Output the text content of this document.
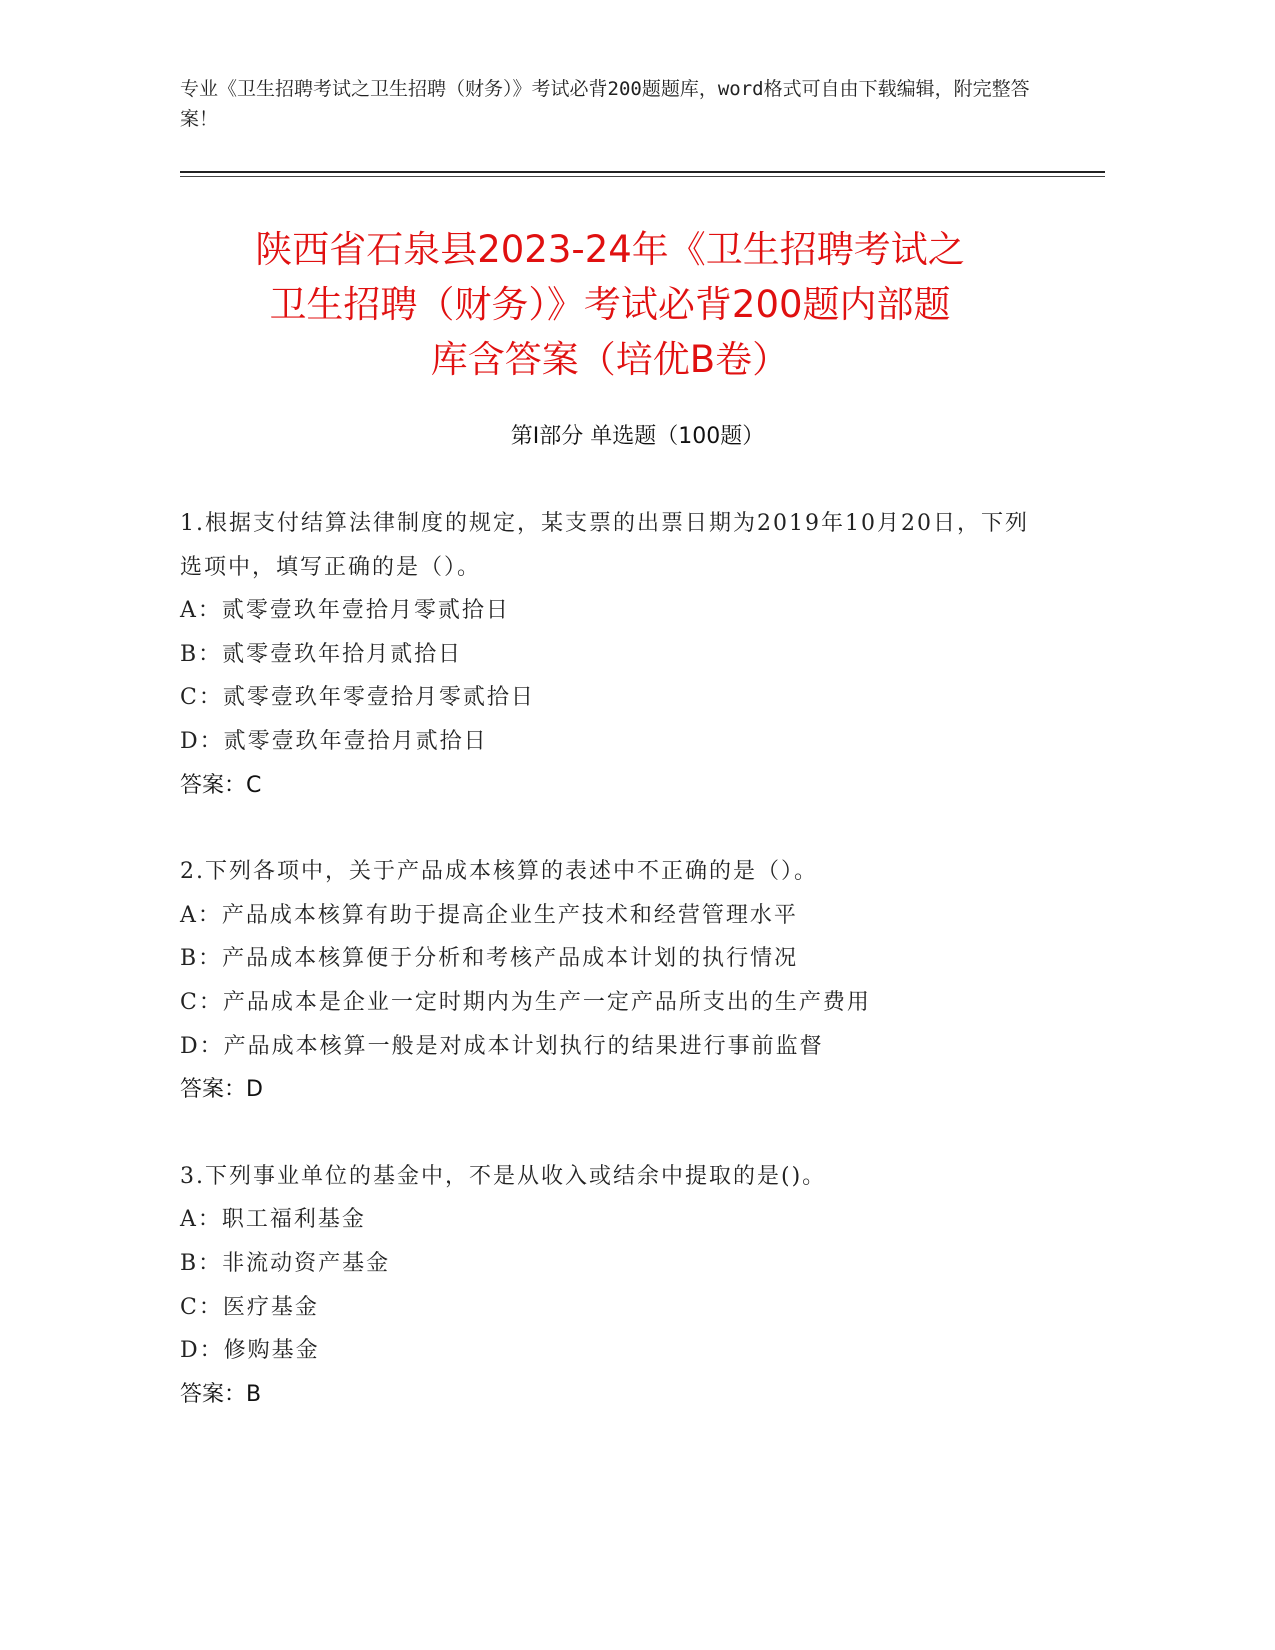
专业《卫生招聘考试之卫生招聘（财务）》考试必背200题题库，word格式可自由下载编辑，附完整答案！
陕西省石泉县2023-24年《卫生招聘考试之
卫生招聘（财务）》考试必背200题内部题
库含答案（培优B卷）
第Ⅰ部分 单选题（100题）
1.根据支付结算法律制度的规定，某支票的出票日期为2019年10月20日，下列选项中，填写正确的是（）。
A：贰零壹玖年壹拾月零贰拾日
B：贰零壹玖年拾月贰拾日
C：贰零壹玖年零壹拾月零贰拾日
D：贰零壹玖年壹拾月贰拾日
答案：C
2.下列各项中，关于产品成本核算的表述中不正确的是（）。
A：产品成本核算有助于提高企业生产技术和经营管理水平
B：产品成本核算便于分析和考核产品成本计划的执行情况
C：产品成本是企业一定时期内为生产一定产品所支出的生产费用
D：产品成本核算一般是对成本计划执行的结果进行事前监督
答案：D
3.下列事业单位的基金中，不是从收入或结余中提取的是()。
A：职工福利基金
B：非流动资产基金
C：医疗基金
D：修购基金
答案：B
